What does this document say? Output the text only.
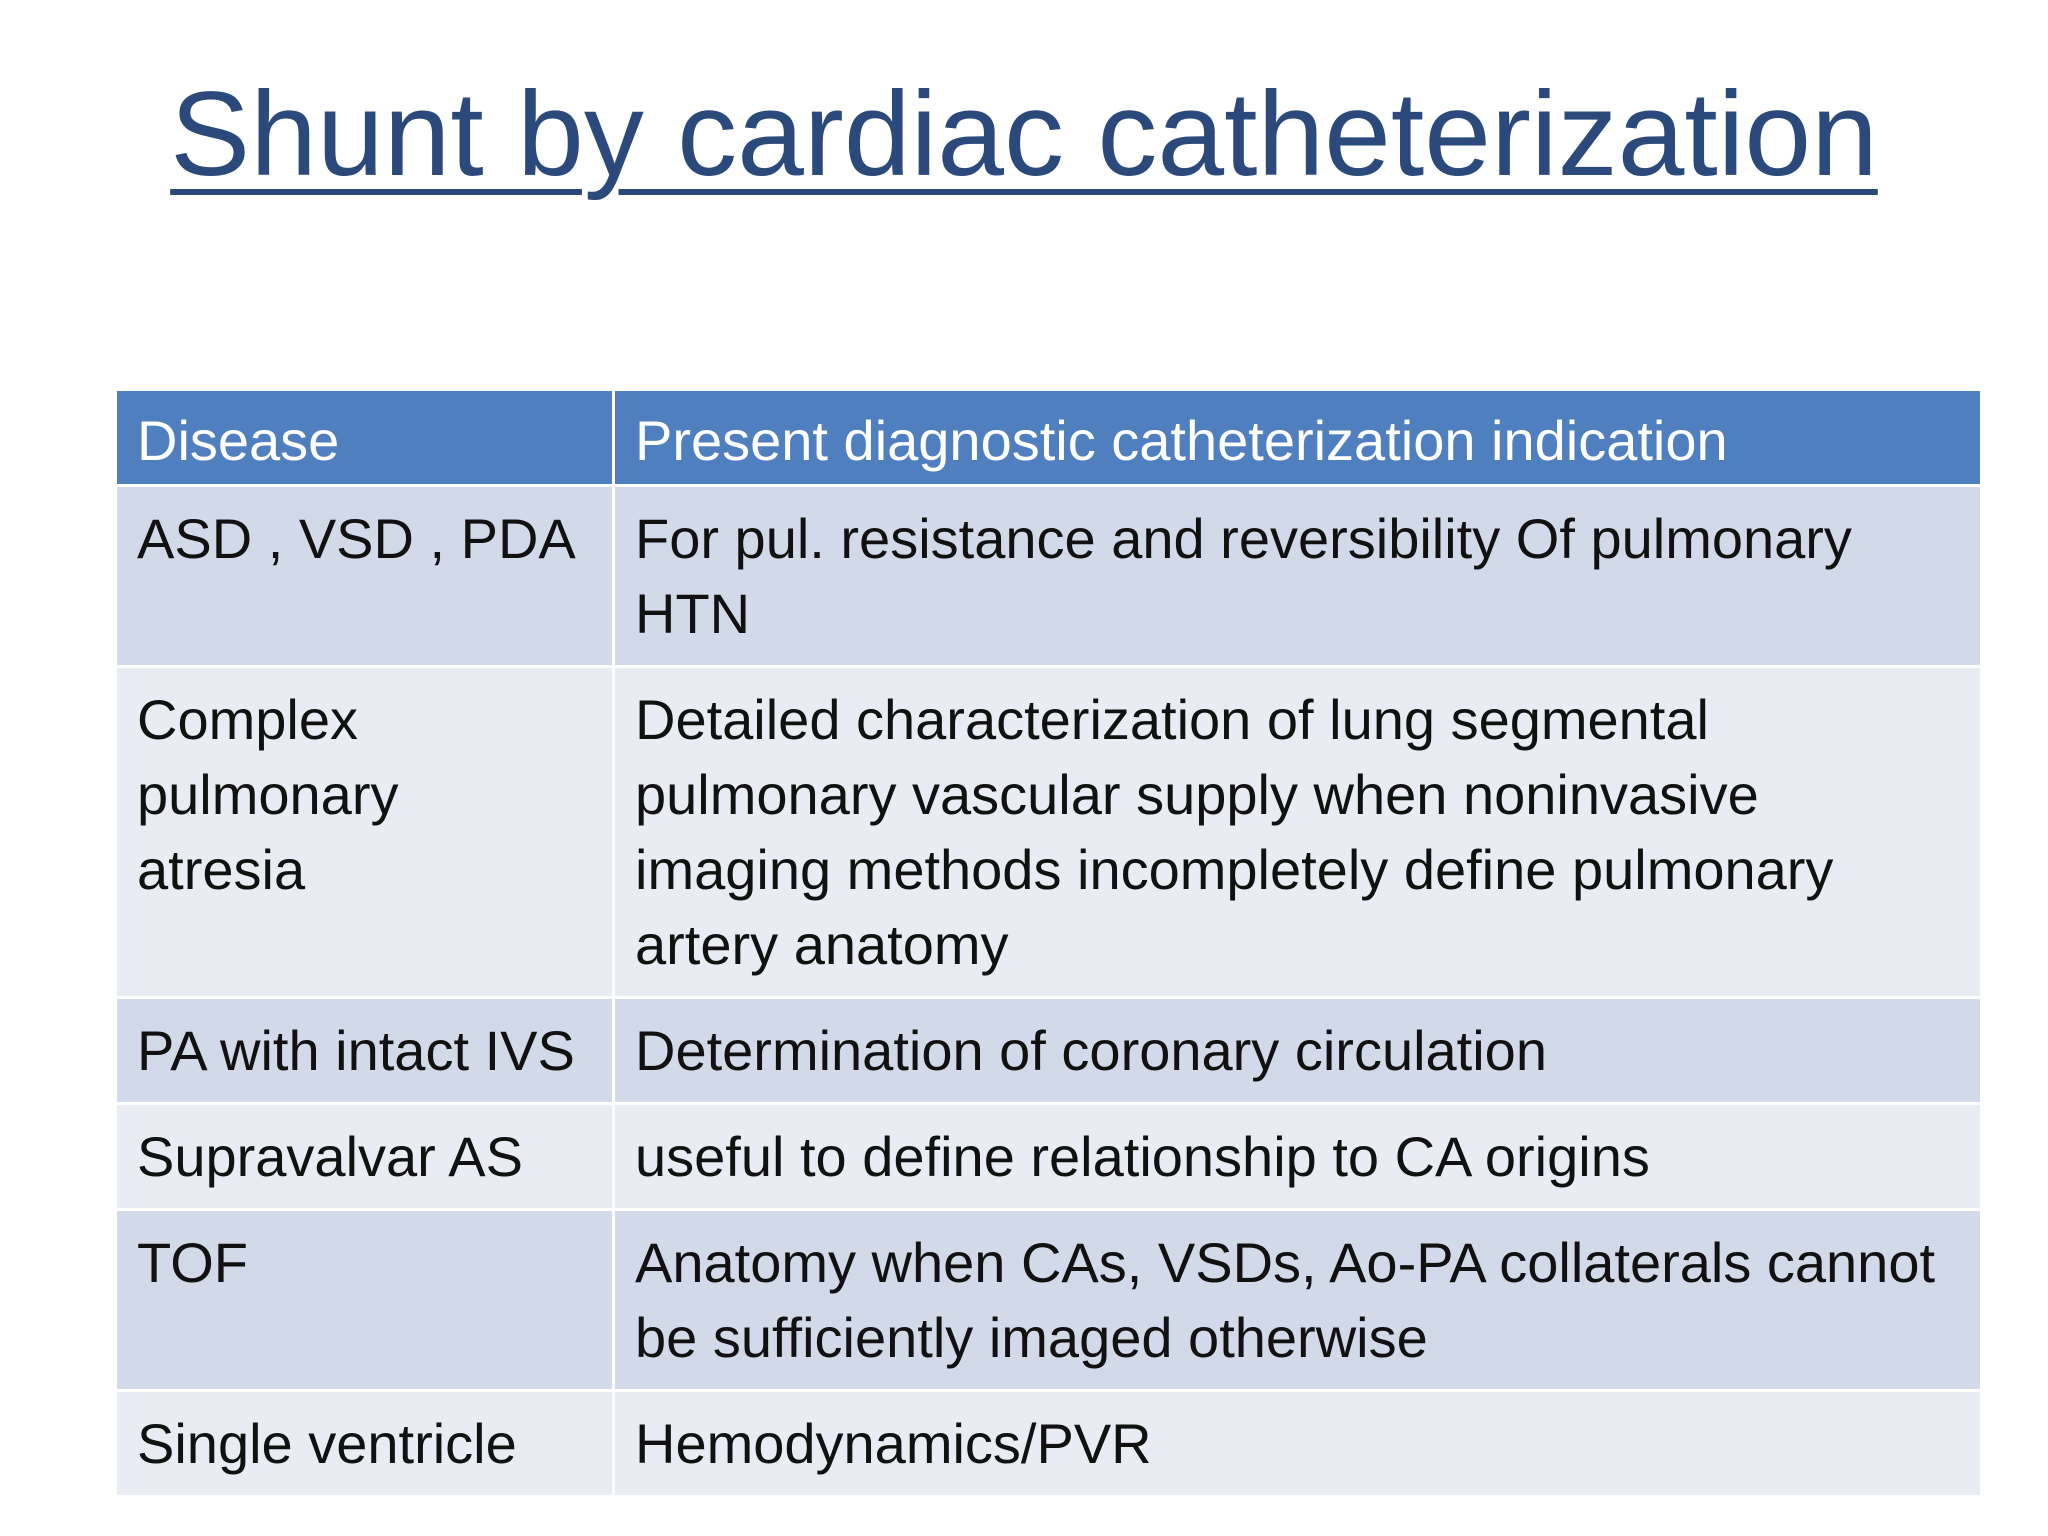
Shunt by cardiac catheterization
Disease	Present diagnostic catheterization indication
ASD , VSD , PDA	For pul. resistance and reversibility Of pulmonary HTN
Complex pulmonary atresia	Detailed characterization of lung segmental pulmonary vascular supply when noninvasive imaging methods incompletely define pulmonary artery anatomy
PA with intact IVS	Determination of coronary circulation
Supravalvar AS	useful to define relationship to CA origins
TOF	Anatomy when CAs, VSDs, Ao-PA collaterals cannot be sufficiently imaged otherwise
Single ventricle	Hemodynamics/PVR
